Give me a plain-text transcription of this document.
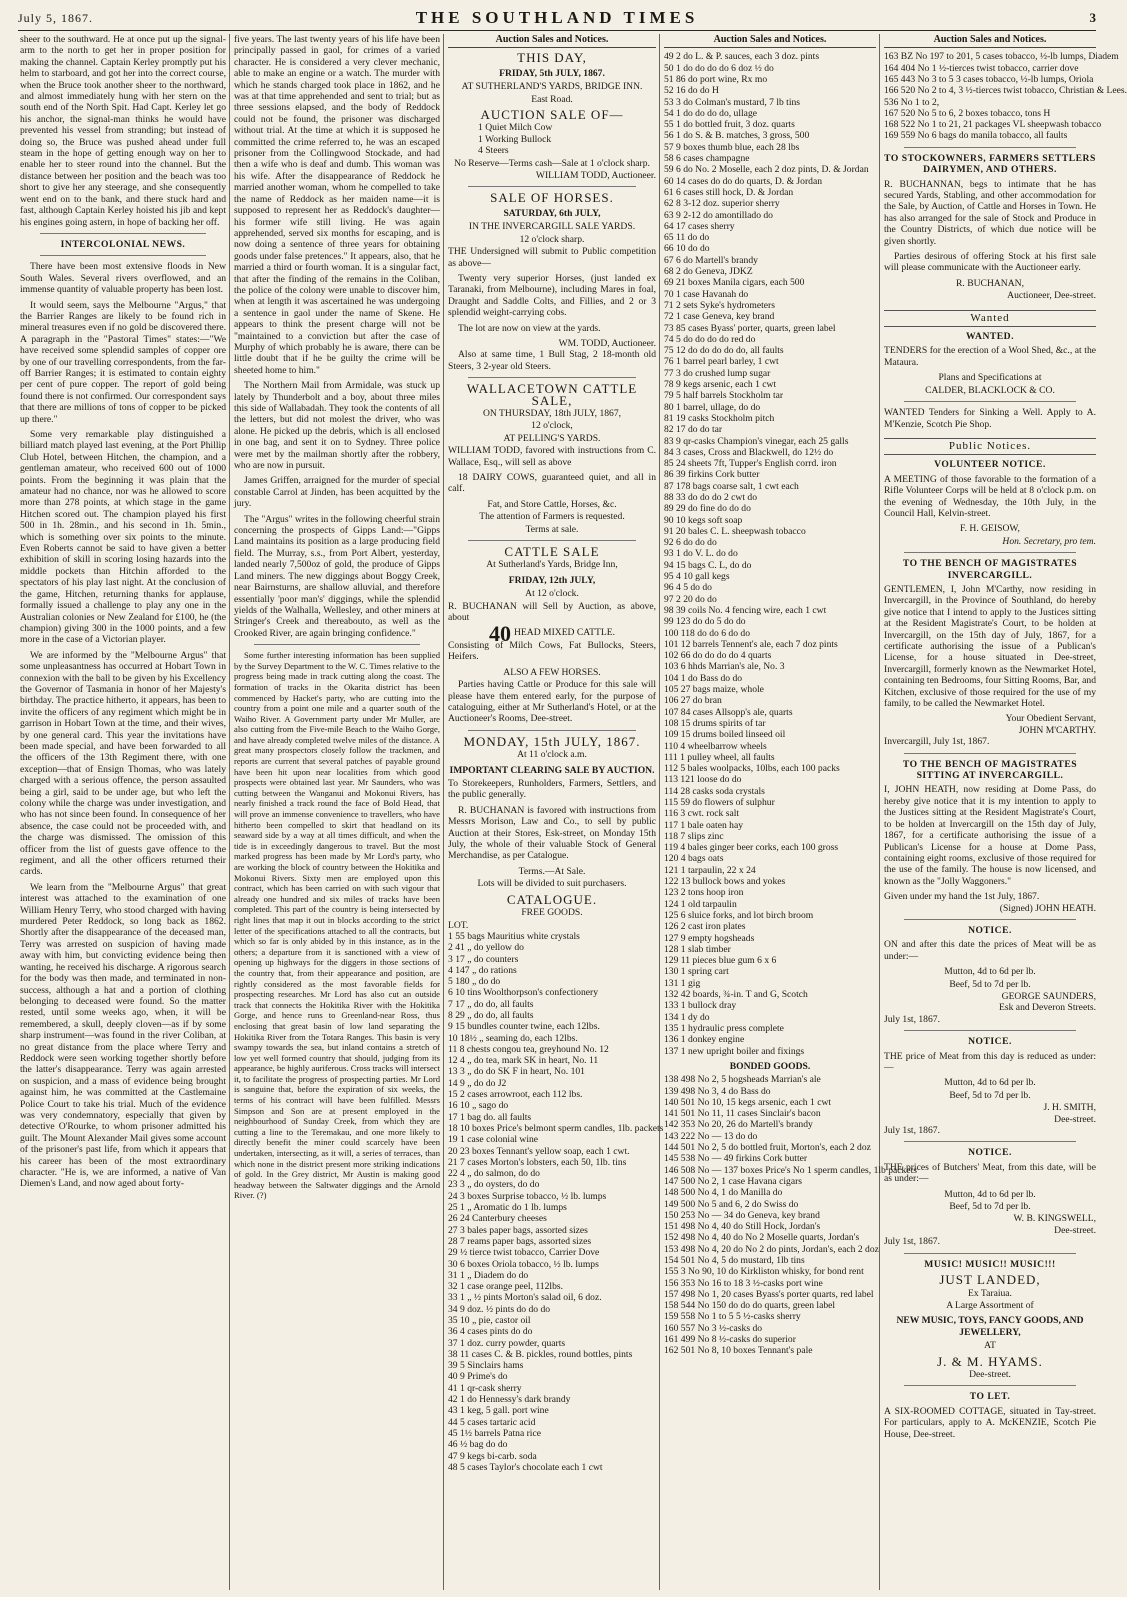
July 5, 1867.	THE SOUTHLAND TIMES	3

sheer to the southward. He at once put up the signal-arm to the north to get her in proper position for making the channel. Captain Kerley promptly put his helm to starboard, and got her into the correct course, when the Bruce took another sheer to the northward, and almost immediately hung with her stern on the south end of the North Spit. Had Capt. Kerley let go his anchor, the signal-man thinks he would have prevented his vessel from stranding; but instead of doing so, the Bruce was pushed ahead under full steam in the hope of getting enough way on her to enable her to steer round into the channel. But the distance between her position and the beach was too short to give her any steerage, and she consequently went end on to the bank, and there stuck hard and fast, although Captain Kerley hoisted his jib and kept his engines going astern, in hope of backing her off.

INTERCOLONIAL NEWS.

There have been most extensive floods in New South Wales. Several rivers overflowed, and an immense quantity of valuable property has been lost.

It would seem, says the Melbourne "Argus," that the Barrier Ranges are likely to be found rich in mineral treasures even if no gold be discovered there. A paragraph in the "Pastoral Times" states:—"We have received some splendid samples of copper ore by one of our travelling correspondents, from the far-off Barrier Ranges; it is estimated to contain eighty per cent of pure copper. The report of gold being found there is not confirmed. Our correspondent says that there are millions of tons of copper to be picked up there."

Some very remarkable play distinguished a billiard match played last evening, at the Port Phillip Club Hotel, between Hitchen, the champion, and a gentleman amateur, who received 600 out of 1000 points. From the beginning it was plain that the amateur had no chance, nor was he allowed to score more than 278 points, at which stage in the game Hitchen scored out. The champion played his first 500 in 1h. 28min., and his second in 1h. 5min., which is something over six points to the minute. Even Roberts cannot be said to have given a better exhibition of skill in scoring losing hazards into the middle pockets than Hitchin afforded to the spectators of his play last night. At the conclusion of the game, Hitchen, returning thanks for applause, formally issued a challenge to play any one in the Australian colonies or New Zealand for £100, he (the champion) giving 300 in the 1000 points, and a few more in the case of a Victorian player.

We are informed by the "Melbourne Argus" that some unpleasantness has occurred at Hobart Town in connexion with the ball to be given by his Excellency the Governor of Tasmania in honor of her Majesty's birthday. The practice hitherto, it appears, has been to invite the officers of any regiment which might be in garrison in Hobart Town at the time, and their wives, by one general card. This year the invitations have been made special, and have been forwarded to all the officers of the 13th Regiment there, with one exception—that of Ensign Thomas, who was lately charged with a serious offence, the person assaulted being a girl, said to be under age, but who left the colony while the charge was under investigation, and who has not since been found. In consequence of her absence, the case could not be proceeded with, and the charge was dismissed. The omission of this officer from the list of guests gave offence to the regiment, and all the other officers returned their cards.

We learn from the "Melbourne Argus" that great interest was attached to the examination of one William Henry Terry, who stood charged with having murdered Peter Reddock, so long back as 1862. Shortly after the disappearance of the deceased man, Terry was arrested on suspicion of having made away with him, but convicting evidence being then wanting, he received his discharge. A rigorous search for the body was then made, and terminated in non-success, although a hat and a portion of clothing belonging to deceased were found. So the matter rested, until some weeks ago, when, it will be remembered, a skull, deeply cloven—as if by some sharp instrument—was found in the river Coliban, at no great distance from the place where Terry and Reddock were seen working together shortly before the latter's disappearance. Terry was again arrested on suspicion, and a mass of evidence being brought against him, he was committed at the Castlemaine Police Court to take his trial. Much of the evidence was very condemnatory, especially that given by detective O'Rourke, to whom prisoner admitted his guilt. The Mount Alexander Mail gives some account of the prisoner's past life, from which it appears that his career has been of the most extraordinary character. "He is, we are informed, a native of Van Diemen's Land, and now aged about forty-

five years. The last twenty years of his life have been principally passed in gaol, for crimes of a varied character. He is considered a very clever mechanic, able to make an engine or a watch. The murder with which he stands charged took place in 1862, and he was at that time apprehended and sent to trial; but as three sessions elapsed, and the body of Reddock could not be found, the prisoner was discharged without trial. At the time at which it is supposed he committed the crime referred to, he was an escaped prisoner from the Collingwood Stockade, and had then a wife who is deaf and dumb. This woman was his wife. After the disappearance of Reddock he married another woman, whom he compelled to take the name of Reddock as her maiden name—it is supposed to represent her as Reddock's daughter—his former wife still living. He was again apprehended, served six months for escaping, and is now doing a sentence of three years for obtaining goods under false pretences." It appears, also, that he married a third or fourth woman. It is a singular fact, that after the finding of the remains in the Coliban, the police of the colony were unable to discover him, when at length it was ascertained he was undergoing a sentence in gaol under the name of Skene. He appears to think the present charge will not be "maintained to a conviction but after the case of Murphy of which probably he is aware, there can be little doubt that if he be guilty the crime will be sheeted home to him."

The Northern Mail from Armidale, was stuck up lately by Thunderbolt and a boy, about three miles this side of Wallabadah. They took the contents of all the letters, but did not molest the driver, who was alone. He picked up the debris, which is all enclosed in one bag, and sent it on to Sydney. Three police were met by the mailman shortly after the robbery, who are now in pursuit.

James Griffen, arraigned for the murder of special constable Carrol at Jinden, has been acquitted by the jury.

The "Argus" writes in the following cheerful strain concerning the prospects of Gipps Land:—"Gipps Land maintains its position as a large producing field field. The Murray, s.s., from Port Albert, yesterday, landed nearly 7,500oz of gold, the produce of Gipps Land miners. The new diggings about Boggy Creek, near Bairnsturns, are shallow alluvial, and therefore essentially 'poor man's' diggings, while the splendid yields of the Walhalla, Wellesley, and other miners at Stringer's Creek and thereabouto, as well as the Crooked River, are again bringing confidence."

Some further interesting information has been supplied by the Survey Department to the W. C. Times relative to the progress being made in track cutting along the coast. The formation of tracks in the Okarita district has been commenced by Hacket's party, who are cutting into the country from a point one mile and a quarter south of the Waiho River. A Government party under Mr Muller, are also cutting from the Five-mile Beach to the Waiho Gorge, and have already completed twelve miles of the distance. A great many prospectors closely follow the trackmen, and reports are current that several patches of payable ground have been hit upon near localities from which good prospects were obtained last year. Mr Saunders, who was cutting between the Wanganui and Mokonui Rivers, has nearly finished a track round the face of Bold Head, that will prove an immense convenience to travellers, who have hitherto been compelled to skirt that headland on its seaward side by a way at all times difficult, and when the tide is in exceedingly dangerous to travel. But the most marked progress has been made by Mr Lord's party, who are working the block of country between the Hokitika and Mokonui Rivers. Sixty men are employed upon this contract, which has been carried on with such vigour that already one hundred and six miles of tracks have been completed. This part of the country is being intersected by right lines that map it out in blocks according to the strict letter of the specifications attached to all the contracts, but which so far is only abided by in this instance, as in the others; a departure from it is sanctioned with a view of opening up highways for the diggers in those sections of the country that, from their appearance and position, are rightly considered as the most favorable fields for prospecting researches. Mr Lord has also cut an outside track that connects the Hokitika River with the Hokitika Gorge, and hence runs to Greenland-near Ross, thus enclosing that great basin of low land separating the Hokitika River from the Totara Ranges. This basin is very swampy towards the sea, but inland contains a stretch of low yet well formed country that should, judging from its appearance, be highly auriferous. Cross tracks will intersect it, to facilitate the progress of prospecting parties. Mr Lord is sanguine that, before the expiration of six weeks, the terms of his contract will have been fulfilled. Messrs Simpson and Son are at present employed in the neighbourhood of Sunday Creek, from which they are cutting a line to the Teremakau, and one more likely to directly benefit the miner could scarcely have been undertaken, intersecting, as it will, a series of terraces, than which none in the district present more striking indications of gold. In the Grey district, Mr Austin is making good headway between the Saltwater diggings and the Arnold River. (?)

Auction Sales and Notices.
THIS DAY,
FRIDAY, 5th JULY, 1867.
AT SUTHERLAND'S YARDS, BRIDGE INN.
East Road.
AUCTION SALE OF—
1 Quiet Milch Cow
1 Working Bullock
4 Steers
No Reserve—Terms cash—Sale at 1 o'clock sharp.
WILLIAM TODD, Auctioneer.
SALE OF HORSES.
SATURDAY, 6th JULY,
IN THE INVERCARGILL SALE YARDS.
12 o'clock sharp.

THE Undersigned will submit to Public competition as above—

Twenty very superior Horses, (just landed ex Taranaki, from Melbourne), including Mares in foal, Draught and Saddle Colts, and Fillies, and 2 or 3 splendid weight-carrying cobs.

The lot are now on view at the yards.

WM. TODD, Auctioneer.

Also at same time, 1 Bull Stag, 2 18-month old Steers, 3 2-year old Steers.

WALLACETOWN CATTLE SALE,
ON THURSDAY, 18th JULY, 1867,
12 o'clock,
AT PELLING'S YARDS.

WILLIAM TODD, favored with instructions from C. Wallace, Esq., will sell as above

18 DAIRY COWS, guaranteed quiet, and all in calf.

Fat, and Store Cattle, Horses, &c.
The attention of Farmers is requested.
Terms at sale.
CATTLE SALE
At Sutherland's Yards, Bridge Inn,
FRIDAY, 12th JULY,
At 12 o'clock.

R. BUCHANAN will Sell by Auction, as above, about

40 HEAD MIXED CATTLE.

Consisting of Milch Cows, Fat Bullocks, Steers, Heifers.

ALSO A FEW HORSES.

Parties having Cattle or Produce for this sale will please have them entered early, for the purpose of cataloguing, either at Mr Sutherland's Hotel, or at the Auctioneer's Rooms, Dee-street.

MONDAY, 15th JULY, 1867.
At 11 o'clock a.m.
IMPORTANT CLEARING SALE BY AUCTION.

To Storekeepers, Runholders, Farmers, Settlers, and the public generally.

R. BUCHANAN is favored with instructions from Messrs Morison, Law and Co., to sell by public Auction at their Stores, Esk-street, on Monday 15th July, the whole of their valuable Stock of General Merchandise, as per Catalogue.

Terms.—At Sale.
Lots will be divided to suit purchasers.
CATALOGUE.
FREE GOODS.
LOT.
1 55 bags Mauritius white crystals
2 41 „ do yellow do
3 17 „ do counters
4 147 „ do rations
5 180 „ do do
6 10 tins Woolthorpson's confectionery
7 17 „ do do, all faults
8 29 „ do do, all faults
9 15 bundles counter twine, each 12lbs.
10 18½ „ seaming do, each 12lbs.
11 8 chests congou tea, greyhound No. 12
12 4 „ do tea, mark SK in heart, No. 11
13 3 „ do do SK F in heart, No. 101
14 9 „ do do J2
15 2 cases arrowroot, each 112 lbs.
16 10 „ sago do
17 1 bag do. all faults
18 10 boxes Price's belmont sperm candles, 1lb. packets
19 1 case colonial wine
20 23 boxes Tennant's yellow soap, each 1 cwt.
21 7 cases Morton's lobsters, each 50, 1lb. tins
22 4 „ do salmon, do do
23 3 „ do oysters, do do
24 3 boxes Surprise tobacco, ½ lb. lumps
25 1 „ Aromatic do 1 lb. lumps
26 24 Canterbury cheeses
27 3 bales paper bags, assorted sizes
28 7 reams paper bags, assorted sizes
29 ½ tierce twist tobacco, Carrier Dove
30 6 boxes Oriola tobacco, ½ lb. lumps
31 1 „ Diadem do do
32 1 case orange peel, 112lbs.
33 1 „ ½ pints Morton's salad oil, 6 doz.
34 9 doz. ½ pints do do do
35 10 „ pie, castor oil
36 4 cases pints do do
37 1 doz. curry powder, quarts
38 11 cases C. & B. pickles, round bottles, pints
39 5 Sinclairs hams
40 9 Prime's do
41 1 qr-cask sherry
42 1 do Hennessy's dark brandy
43 1 keg, 5 gall. port wine
44 5 cases tartaric acid
45 1½ barrels Patna rice
46 ½ bag do do
47 9 kegs bi-carb. soda
48 5 cases Taylor's chocolate each 1 cwt
Auction Sales and Notices.
49 2 do L. & P. sauces, each 3 doz. pints
50 1 do do do do 6 doz ½ do
51 86 do port wine, Rx mo
52 16 do do H
53 3 do Colman's mustard, 7 lb tins
54 1 do do do do, ullage
55 1 do bottled fruit, 3 doz. quarts
56 1 do S. & B. matches, 3 gross, 500
57 9 boxes thumb blue, each 28 lbs
58 6 cases champagne
59 6 do No. 2 Moselle, each 2 doz pints, D. & Jordan
60 14 cases do do do quarts, D. & Jordan
61 6 cases still hock, D. & Jordan
62 8 3-12 doz. superior sherry
63 9 2-12 do amontillado do
64 17 cases sherry
65 11 do do
66 10 do do
67 6 do Martell's brandy
68 2 do Geneva, JDKZ
69 21 boxes Manila cigars, each 500
70 1 case Havanah do
71 2 sets Syke's hydrometers
72 1 case Geneva, key brand
73 85 cases Byass' porter, quarts, green label
74 5 do do do do red do
75 12 do do do do do, all faults
76 1 barrel pearl barley, 1 cwt
77 3 do crushed lump sugar
78 9 kegs arsenic, each 1 cwt
79 5 half barrels Stockholm tar
80 1 barrel, ullage, do do
81 19 casks Stockholm pitch
82 17 do do tar
83 9 qr-casks Champion's vinegar, each 25 galls
84 3 cases, Cross and Blackwell, do 12½ do
85 24 sheets 7ft, Tupper's English corrd. iron
86 39 firkins Cork butter
87 178 bags coarse salt, 1 cwt each
88 33 do do do 2 cwt do
89 29 do fine do do do
90 10 kegs soft soap
91 20 bales C. L. sheepwash tobacco
92 6 do do do
93 1 do V. L. do do
94 15 bags C. L, do do
95 4 10 gall kegs
96 4 5 do do
97 2 20 do do
98 39 coils No. 4 fencing wire, each 1 cwt
99 123 do do 5 do do
100 118 do do 6 do do
101 12 barrels Tennent's ale, each 7 doz pints
102 66 do do do do 4 quarts
103 6 hhds Marrian's ale, No. 3
104 1 do Bass do do
105 27 bags maize, whole
106 27 do bran
107 84 cases Allsopp's ale, quarts
108 15 drums spirits of tar
109 15 drums boiled linseed oil
110 4 wheelbarrow wheels
111 1 pulley wheel, all faults
112 5 bales woolpacks, 10lbs, each 100 packs
113 121 loose do do
114 28 casks soda crystals
115 59 do flowers of sulphur
116 3 cwt. rock salt
117 1 bale oaten hay
118 7 slips zinc
119 4 bales ginger beer corks, each 100 gross
120 4 bags oats
121 1 tarpaulin, 22 x 24
122 13 bullock bows and yokes
123 2 tons hoop iron
124 1 old tarpaulin
125 6 sluice forks, and lot birch broom
126 2 cast iron plates
127 9 empty hogsheads
128 1 slab timber
129 11 pieces blue gum 6 x 6
130 1 spring cart
131 1 gig
132 42 boards, ¾-in. T and G, Scotch
133 1 bullock dray
134 1 dy do
135 1 hydraulic press complete
136 1 donkey engine
137 1 new upright boiler and fixings
BONDED GOODS.
138 498 No 2, 5 hogsheads Marrian's ale
139 498 No 3, 4 do Bass do
140 501 No 10, 15 kegs arsenic, each 1 cwt
141 501 No 11, 11 cases Sinclair's bacon
142 353 No 20, 26 do Martell's brandy
143 222 No — 13 do do
144 501 No 2, 5 do bottled fruit, Morton's, each 2 doz
145 538 No — 49 firkins Cork butter
146 508 No — 137 boxes Price's No 1 sperm candles, 1lb packets
147 500 No 2, 1 case Havana cigars
148 500 No 4, 1 do Manilla do
149 500 No 5 and 6, 2 do Swiss do
150 253 No — 34 do Geneva, key brand
151 498 No 4, 40 do Still Hock, Jordan's
152 498 No 4, 40 do No 2 Moselle quarts, Jordan's
153 498 No 4, 20 do No 2 do pints, Jordan's, each 2 doz
154 501 No 4, 5 do mustard, 1lb tins
155 3 No 90, 10 do Kirkliston whisky, for bond rent
156 353 No 16 to 18 3 ½-casks port wine
157 498 No 1, 20 cases Byass's porter quarts, red label
158 544 No 150 do do do quarts, green label
159 558 No 1 to 5 5 ½-casks sherry
160 557 No 3 ½-casks do
161 499 No 8 ½-casks do superior
162 501 No 8, 10 boxes Tennant's pale
Auction Sales and Notices.
163 BZ No 197 to 201, 5 cases tobacco, ½-lb lumps, Diadem
164 404 No 1 ½-tierces twist tobacco, carrier dove
165 443 No 3 to 5 3 cases tobacco, ½-lb lumps, Oriola
166 520 No 2 to 4, 3 ½-tierces twist tobacco, Christian & Lees.
536 No 1 to 2,
167 520 No 5 to 6, 2 boxes tobacco, tons H
168 522 No 1 to 21, 21 packages VL sheepwash tobacco
169 559 No 6 bags do manila tobacco, all faults
TO STOCKOWNERS, FARMERS SETTLERS DAIRYMEN, AND OTHERS.

R. BUCHANNAN, begs to intimate that he has secured Yards, Stabling, and other accommodation for the Sale, by Auction, of Cattle and Horses in Town. He has also arranged for the sale of Stock and Produce in the Country Districts, of which due notice will be given shortly.

Parties desirous of offering Stock at his first sale will please communicate with the Auctioneer early.

R. BUCHANAN,
Auctioneer, Dee-street.
Wanted
WANTED.

TENDERS for the erection of a Wool Shed, &c., at the Mataura.

Plans and Specifications at
CALDER, BLACKLOCK & CO.

WANTED Tenders for Sinking a Well. Apply to A. M'Kenzie, Scotch Pie Shop.

Public Notices.
VOLUNTEER NOTICE.

A MEETING of those favorable to the formation of a Rifle Volunteer Corps will be held at 8 o'clock p.m. on the evening of Wednesday, the 10th July, in the Council Hall, Kelvin-street.

F. H. GEISOW,
Hon. Secretary, pro tem.
TO THE BENCH OF MAGISTRATES INVERCARGILL.

GENTLEMEN, I, John M'Carthy, now residing in Invercargill, in the Province of Southland, do hereby give notice that I intend to apply to the Justices sitting at the Resident Magistrate's Court, to be holden at Invercargill, on the 15th day of July, 1867, for a certificate authorising the issue of a Publican's License, for a house situated in Dee-street, Invercargill, formerly known as the Newmarket Hotel, containing ten Bedrooms, four Sitting Rooms, Bar, and Kitchen, exclusive of those required for the use of my family, to be called the Newmarket Hotel.

Your Obedient Servant,
JOHN M'CARTHY.
Invercargill, July 1st, 1867.
TO THE BENCH OF MAGISTRATES SITTING AT INVERCARGILL.

I, JOHN HEATH, now residing at Dome Pass, do hereby give notice that it is my intention to apply to the Justices sitting at the Resident Magistrate's Court, to be holden at Invercargill on the 15th day of July, 1867, for a certificate authorising the issue of a Publican's License for a house at Dome Pass, containing eight rooms, exclusive of those required for the use of the family. The house is now licensed, and known as the "Jolly Waggoners."

Given under my hand the 1st July, 1867.
(Signed) JOHN HEATH.
NOTICE.

ON and after this date the prices of Meat will be as under:—

Mutton, 4d to 6d per lb.
Beef, 5d to 7d per lb.
GEORGE SAUNDERS,
Esk and Deveron Streets.
July 1st, 1867.
NOTICE.

THE price of Meat from this day is reduced as under:—

Mutton, 4d to 6d per lb.
Beef, 5d to 7d per lb.
J. H. SMITH,
Dee-street.
July 1st, 1867.
NOTICE.

THE prices of Butchers' Meat, from this date, will be as under:—

Mutton, 4d to 6d per lb.
Beef, 5d to 7d per lb.
W. B. KINGSWELL,
Dee-street.
July 1st, 1867.
MUSIC! MUSIC!! MUSIC!!!
JUST LANDED,
Ex Taraiua.
A Large Assortment of
NEW MUSIC, TOYS, FANCY GOODS, AND JEWELLERY,
AT
J. & M. HYAMS.
Dee-street.
TO LET.

A SIX-ROOMED COTTAGE, situated in Tay-street. For particulars, apply to A. McKENZIE, Scotch Pie House, Dee-street.
